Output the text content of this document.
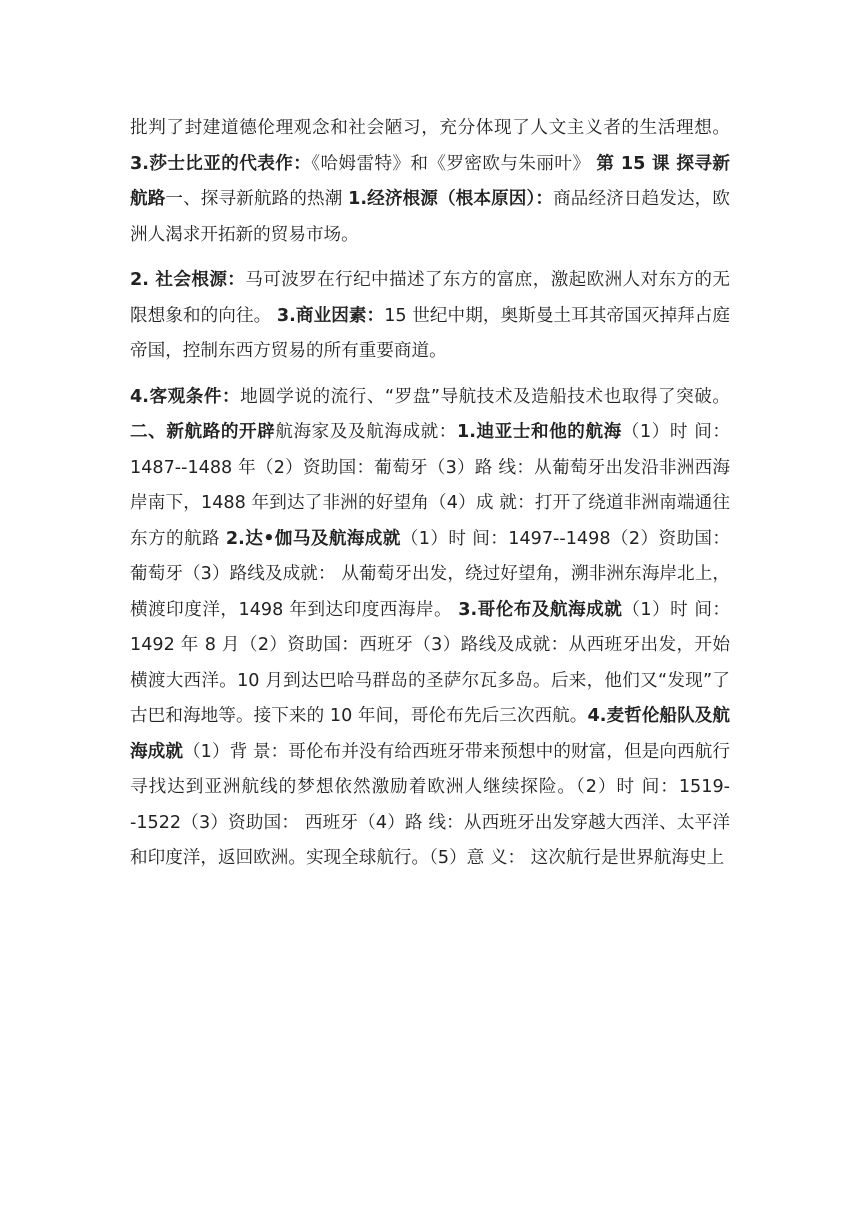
批判了封建道德伦理观念和社会陋习，充分体现了人文主义者的生活理想。 3.莎士比亚的代表作：《哈姆雷特》和《罗密欧与朱丽叶》 第 15 课 探寻新航路一、探寻新航路的热潮 1.经济根源（根本原因）：商品经济日趋发达，欧洲人渴求开拓新的贸易市场。

2. 社会根源：马可波罗在行纪中描述了东方的富庶，激起欧洲人对东方的无限想象和的向往。 3.商业因素：15 世纪中期，奥斯曼土耳其帝国灭掉拜占庭帝国，控制东西方贸易的所有重要商道。

4.客观条件：地圆学说的流行、“罗盘”导航技术及造船技术也取得了突破。 二、新航路的开辟航海家及及航海成就：1.迪亚士和他的航海（1）时 间：1487--1488 年（2）资助国：葡萄牙（3）路 线：从葡萄牙出发沿非洲西海岸南下，1488 年到达了非洲的好望角（4）成 就：打开了绕道非洲南端通往东方的航路 2.达•伽马及航海成就（1）时 间：1497--1498（2）资助国：葡萄牙（3）路线及成就： 从葡萄牙出发，绕过好望角，溯非洲东海岸北上，横渡印度洋，1498 年到达印度西海岸。 3.哥伦布及航海成就（1）时 间：1492 年 8 月（2）资助国：西班牙（3）路线及成就：从西班牙出发，开始横渡大西洋。10 月到达巴哈马群岛的圣萨尔瓦多岛。后来，他们又“发现”了古巴和海地等。接下来的 10 年间，哥伦布先后三次西航。4.麦哲伦船队及航海成就（1）背 景：哥伦布并没有给西班牙带来预想中的财富，但是向西航行寻找达到亚洲航线的梦想依然激励着欧洲人继续探险。（2）时 间：1519--1522（3）资助国： 西班牙（4）路 线：从西班牙出发穿越大西洋、太平洋和印度洋，返回欧洲。实现全球航行。（5）意 义： 这次航行是世界航海史上
